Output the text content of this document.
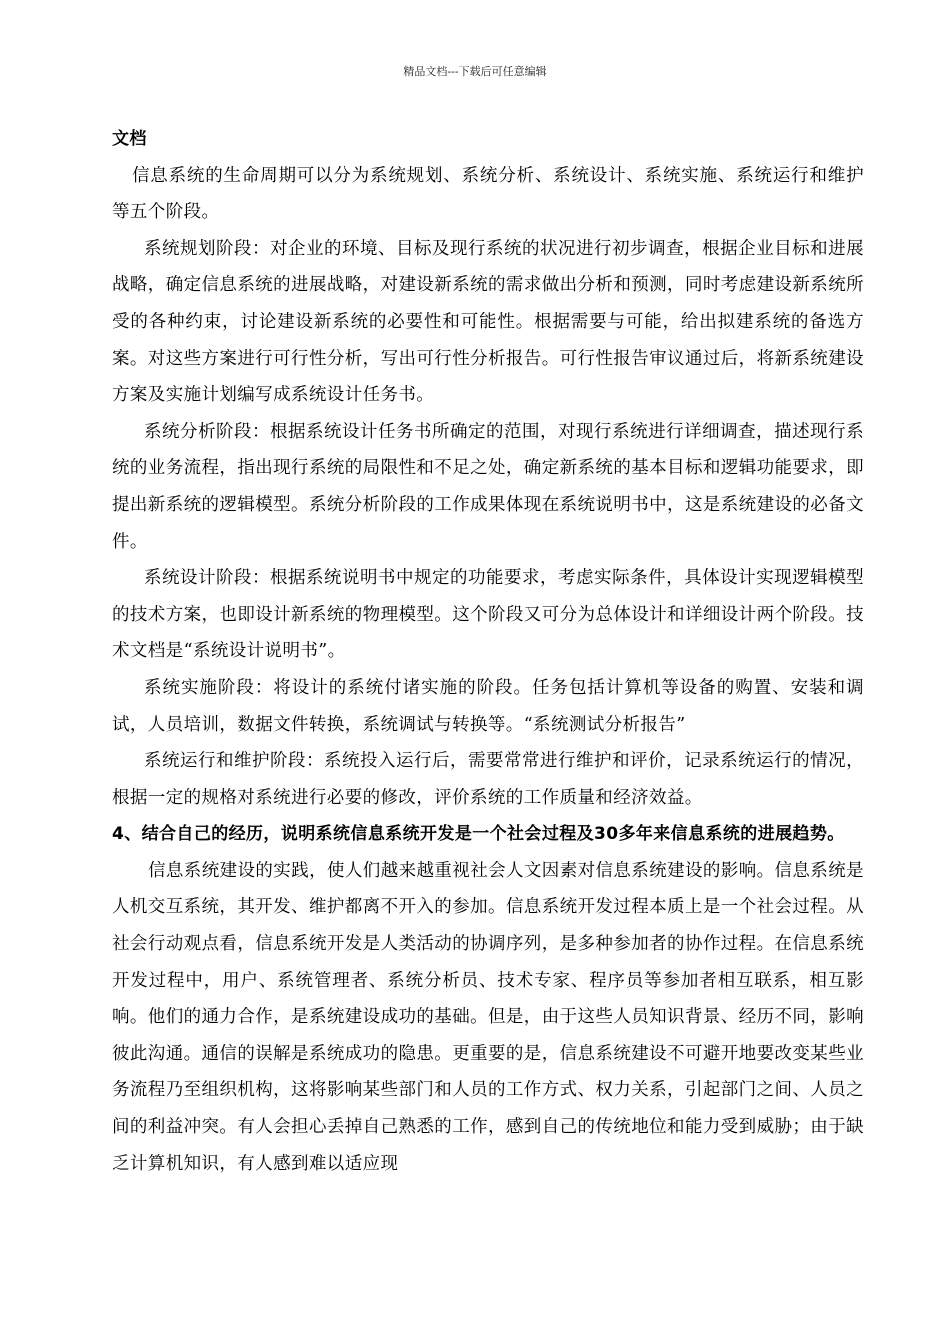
精品文档---下载后可任意编辑

文档

信息系统的生命周期可以分为系统规划、系统分析、系统设计、系统实施、系统运行和维护等五个阶段。

系统规划阶段：对企业的环境、目标及现行系统的状况进行初步调查，根据企业目标和进展战略，确定信息系统的进展战略，对建设新系统的需求做出分析和预测，同时考虑建设新系统所受的各种约束，讨论建设新系统的必要性和可能性。根据需要与可能，给出拟建系统的备选方案。对这些方案进行可行性分析，写出可行性分析报告。可行性报告审议通过后，将新系统建设方案及实施计划编写成系统设计任务书。

系统分析阶段：根据系统设计任务书所确定的范围，对现行系统进行详细调查，描述现行系统的业务流程，指出现行系统的局限性和不足之处，确定新系统的基本目标和逻辑功能要求，即提出新系统的逻辑模型。系统分析阶段的工作成果体现在系统说明书中，这是系统建设的必备文件。

系统设计阶段：根据系统说明书中规定的功能要求，考虑实际条件，具体设计实现逻辑模型的技术方案，也即设计新系统的物理模型。这个阶段又可分为总体设计和详细设计两个阶段。技术文档是“系统设计说明书”。

系统实施阶段：将设计的系统付诸实施的阶段。任务包括计算机等设备的购置、安装和调试，人员培训，数据文件转换，系统调试与转换等。“系统测试分析报告”

系统运行和维护阶段：系统投入运行后，需要常常进行维护和评价，记录系统运行的情况，根据一定的规格对系统进行必要的修改，评价系统的工作质量和经济效益。

4、结合自己的经历，说明系统信息系统开发是一个社会过程及30多年来信息系统的进展趋势。

信息系统建设的实践，使人们越来越重视社会人文因素对信息系统建设的影响。信息系统是人机交互系统，其开发、维护都离不开入的参加。信息系统开发过程本质上是一个社会过程。从社会行动观点看，信息系统开发是人类活动的协调序列，是多种参加者的协作过程。在信息系统开发过程中，用户、系统管理者、系统分析员、技术专家、程序员等参加者相互联系，相互影响。他们的通力合作，是系统建设成功的基础。但是，由于这些人员知识背景、经历不同，影响彼此沟通。通信的误解是系统成功的隐患。更重要的是，信息系统建设不可避开地要改变某些业务流程乃至组织机构，这将影响某些部门和人员的工作方式、权力关系，引起部门之间、人员之间的利益冲突。有人会担心丢掉自己熟悉的工作，感到自己的传统地位和能力受到威胁；由于缺乏计算机知识，有人感到难以适应现
